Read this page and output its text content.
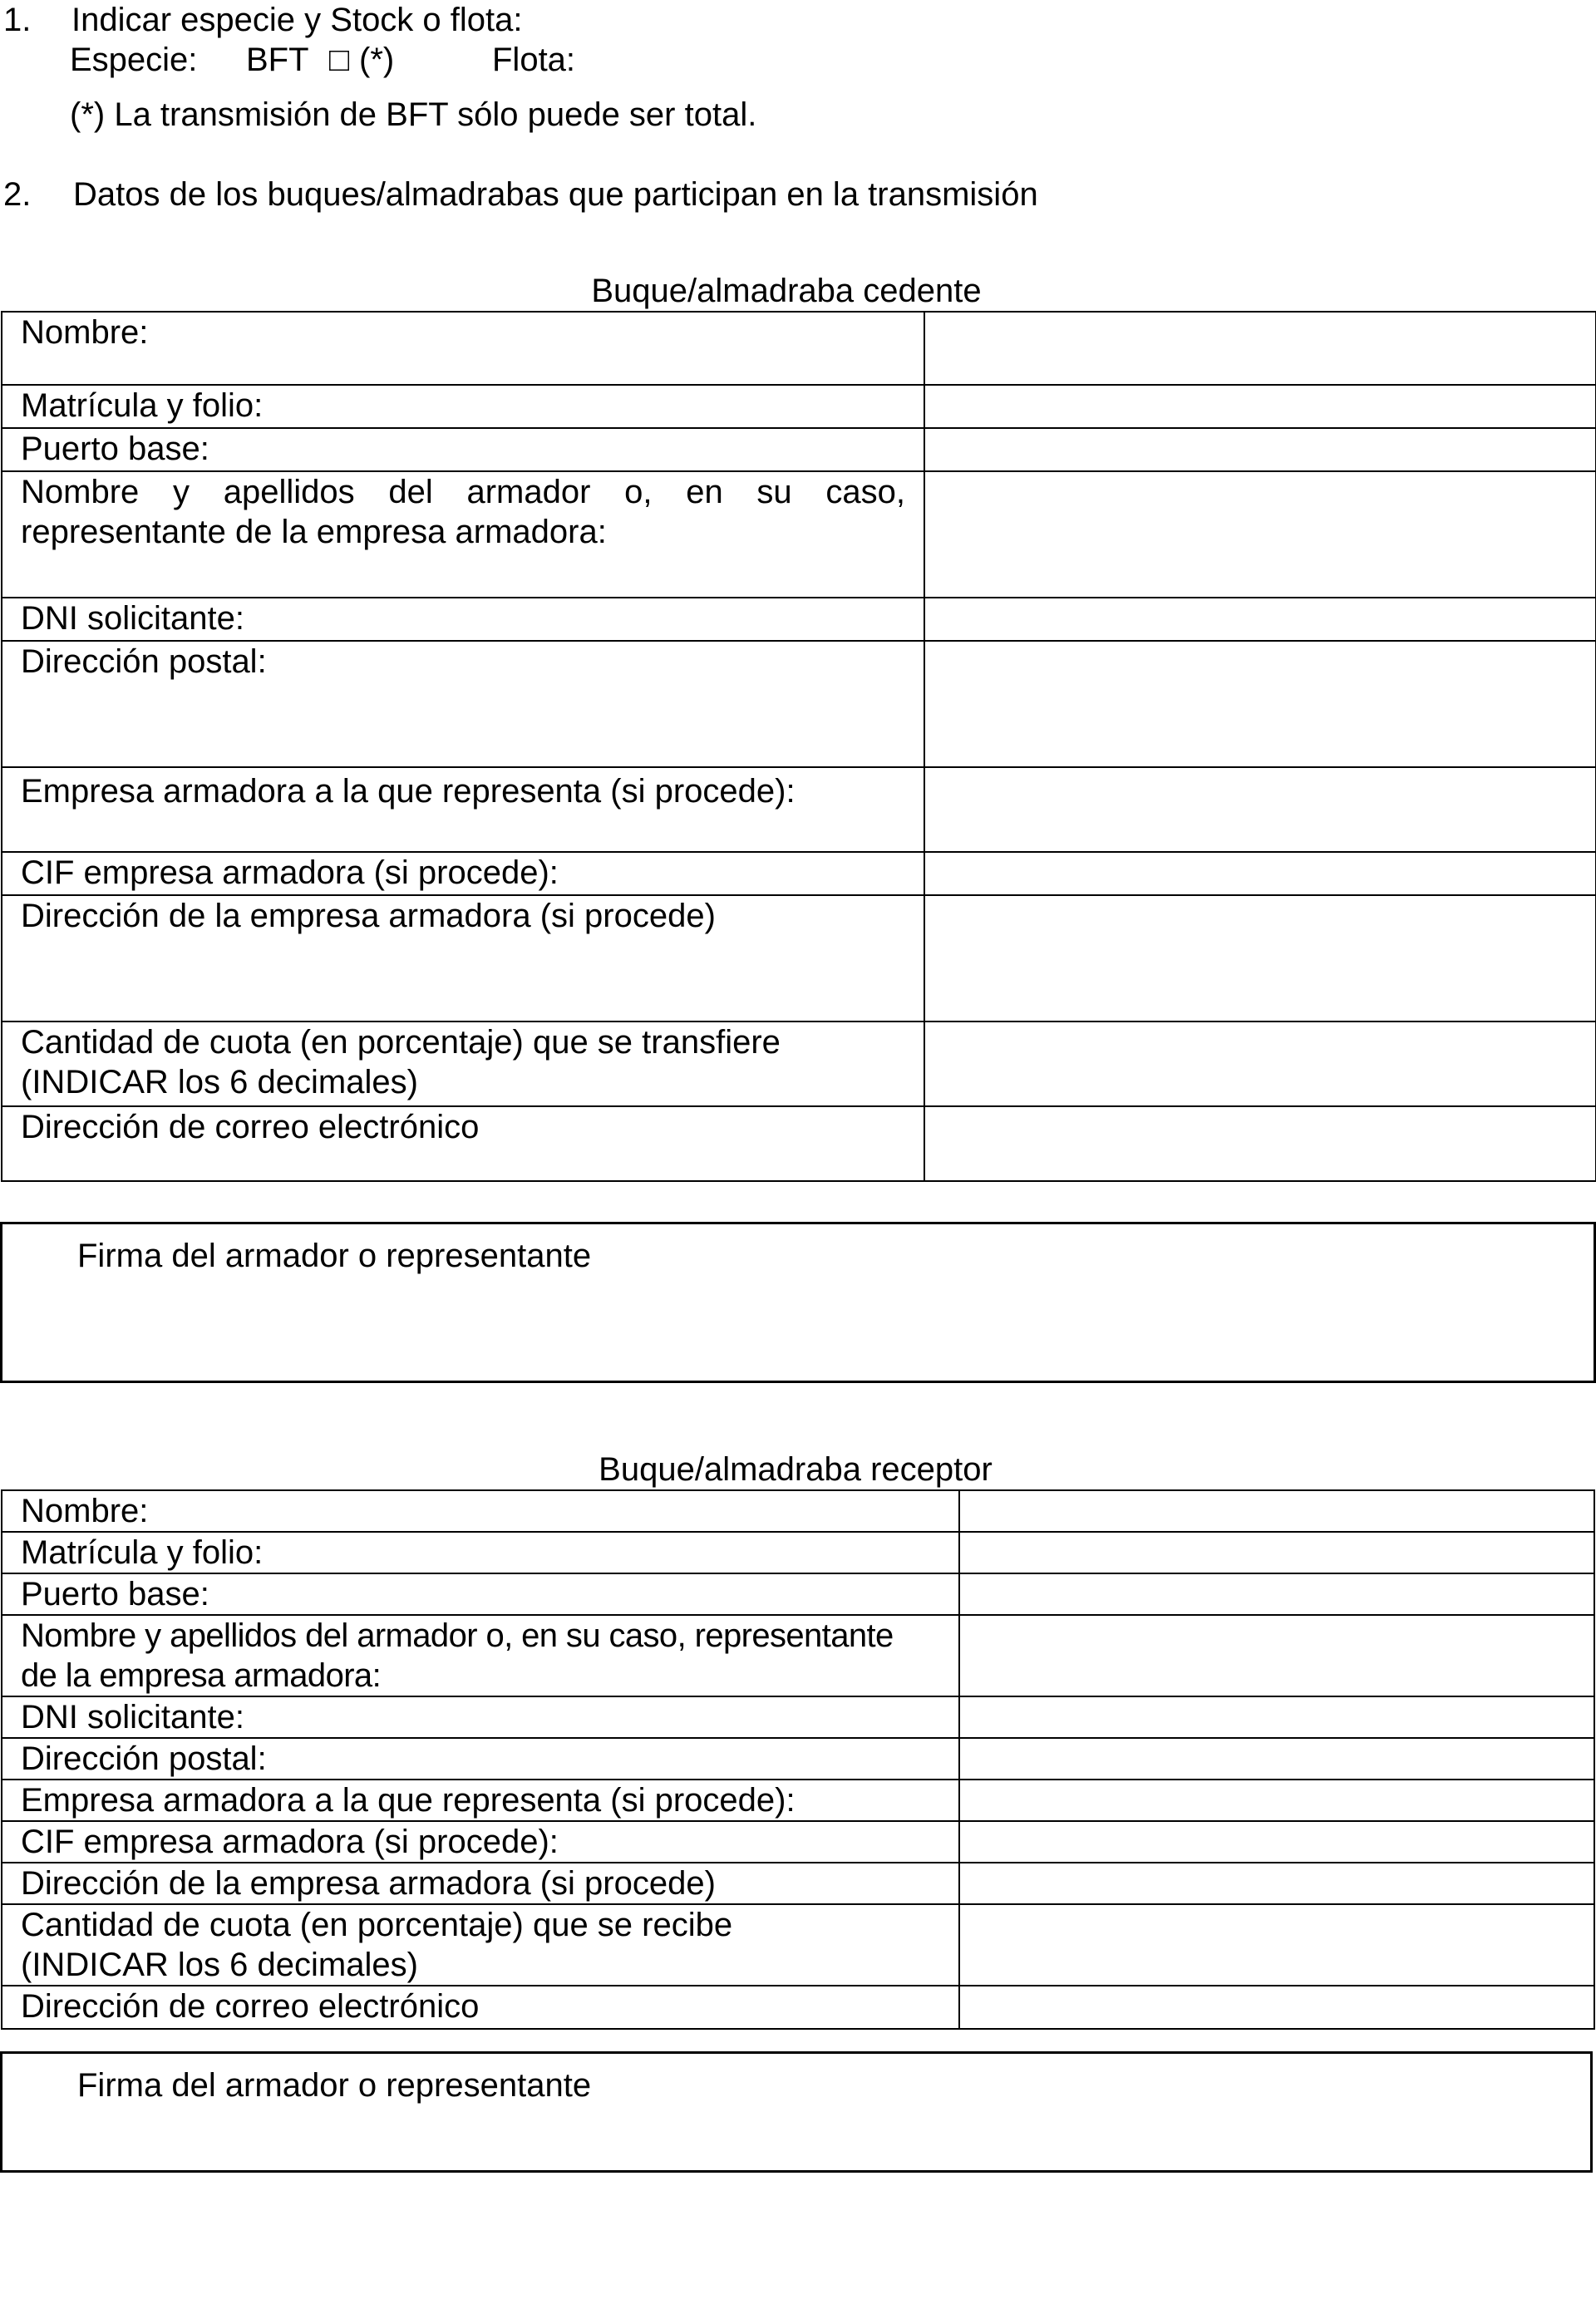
1. Indicar especie y Stock o flota:
Especie: BFT □ (*)	Flota:
(*) La transmisión de BFT sólo puede ser total.
2. Datos de los buques/almadrabas que participan en la transmisión
Buque/almadraba cedente
Nombre:	
Matrícula y folio:	
Puerto base:	
Nombre y apellidos del armador o, en su caso, representante de la empresa armadora:	
DNI solicitante:	
Dirección postal:	
Empresa armadora a la que representa (si procede):	
CIF empresa armadora (si procede):	
Dirección de la empresa armadora (si procede)	

Cantidad de cuota (en porcentaje) que se transfiere
(INDICAR los 6 decimales)	

Dirección de correo electrónico	
Firma del armador o representante
Buque/almadraba receptor
Nombre:	
Matrícula y folio:	
Puerto base:	

Nombre y apellidos del armador o, en su caso, representante
de la empresa armadora:	

DNI solicitante:	
Dirección postal:	
Empresa armadora a la que representa (si procede):	
CIF empresa armadora (si procede):	
Dirección de la empresa armadora (si procede)	

Cantidad de cuota (en porcentaje) que se recibe
(INDICAR los 6 decimales)	

Dirección de correo electrónico	
Firma del armador o representante
